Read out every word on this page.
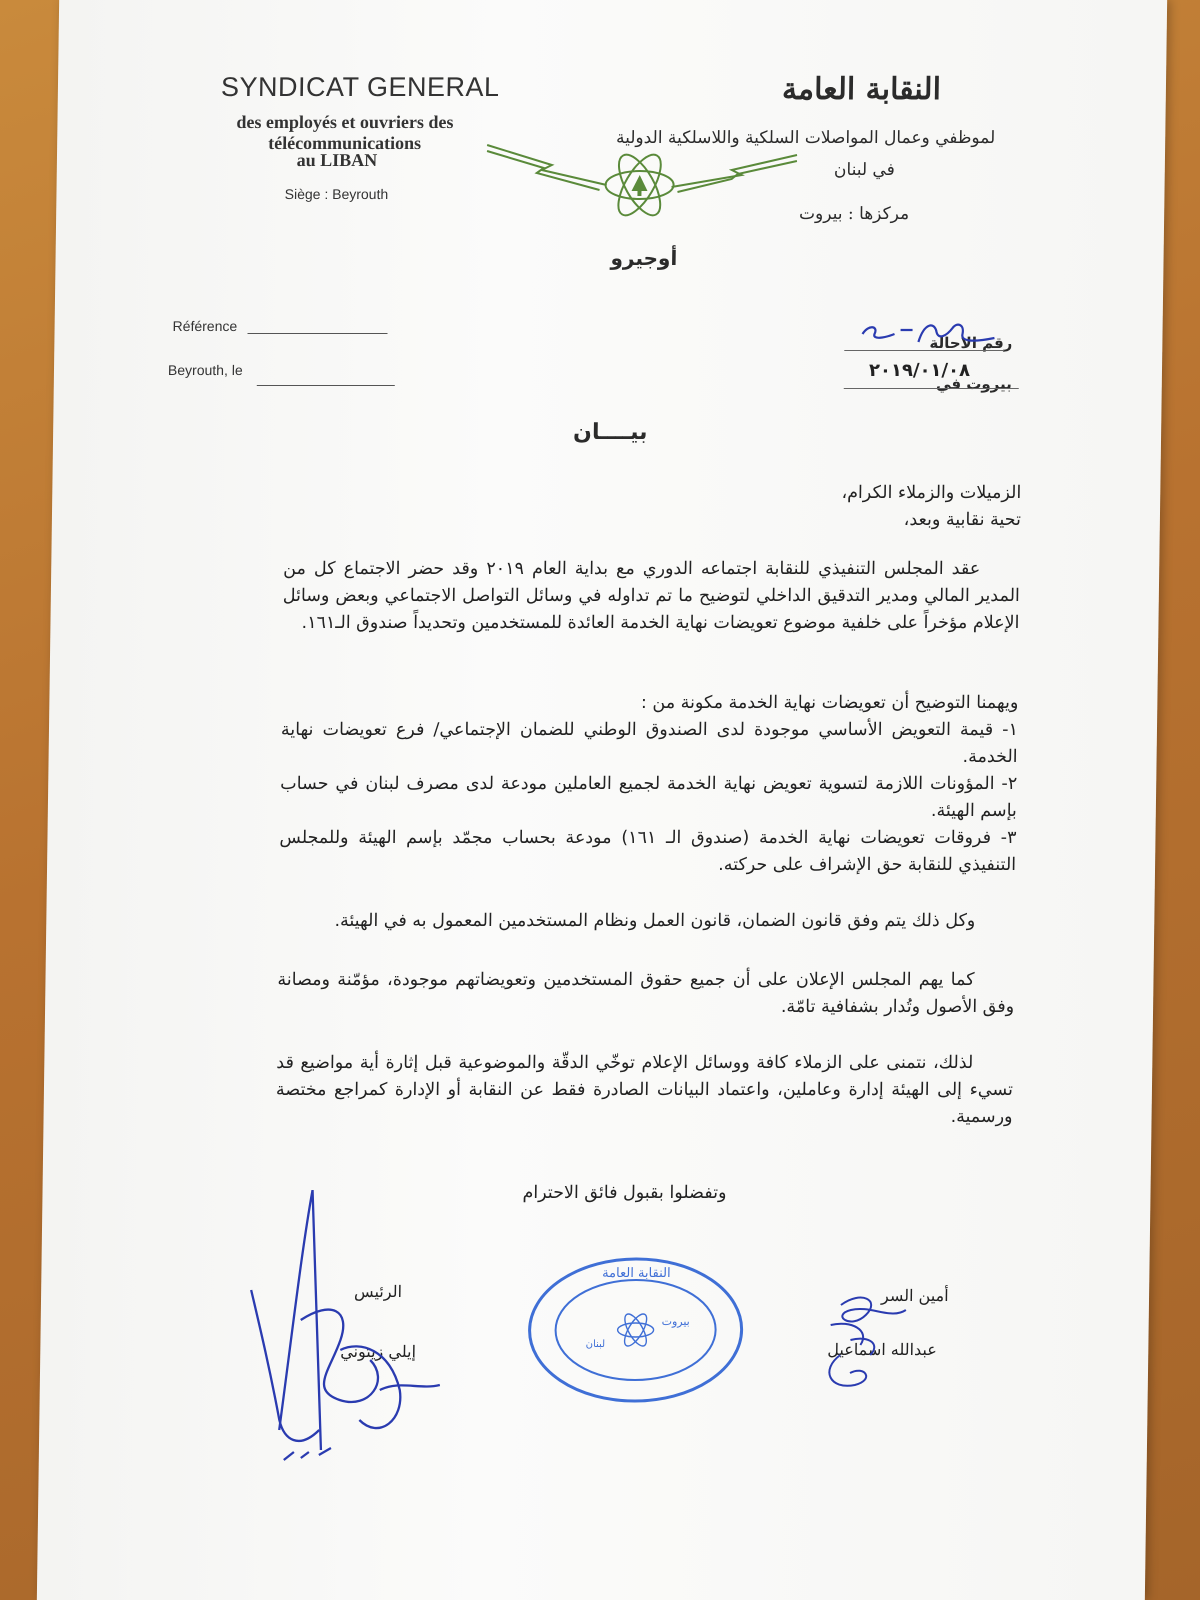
SYNDICAT GENERAL
des employés et ouvriers des télécommunications
au LIBAN
Siège : Beyrouth
النقابة العامة
لموظفي وعمال المواصلات السلكية واللاسلكية الدولية
في لبنان
مركزها : بيروت
أوجيرو
Référence
Beyrouth, le
رقم الاحالة
بيروت في
٢٠١٩/٠١/٠٨
بيــــان

الزميلات والزملاء الكرام،

تحية نقابية وبعد،

عقد المجلس التنفيذي للنقابة اجتماعه الدوري مع بداية العام ٢٠١٩ وقد حضر الاجتماع كل من المدير المالي ومدير التدقيق الداخلي لتوضيح ما تم تداوله في وسائل التواصل الاجتماعي وبعض وسائل الإعلام مؤخراً على خلفية موضوع تعويضات نهاية الخدمة العائدة للمستخدمين وتحديداً صندوق الـ١٦١.

ويهمنا التوضيح أن تعويضات نهاية الخدمة مكونة من :

١- قيمة التعويض الأساسي موجودة لدى الصندوق الوطني للضمان الإجتماعي/ فرع تعويضات نهاية الخدمة.

٢- المؤونات اللازمة لتسوية تعويض نهاية الخدمة لجميع العاملين مودعة لدى مصرف لبنان في حساب بإسم الهيئة.

٣- فروقات تعويضات نهاية الخدمة (صندوق الـ ١٦١) مودعة بحساب مجمّد بإسم الهيئة وللمجلس التنفيذي للنقابة حق الإشراف على حركته.

وكل ذلك يتم وفق قانون الضمان، قانون العمل ونظام المستخدمين المعمول به في الهيئة.

كما يهم المجلس الإعلان على أن جميع حقوق المستخدمين وتعويضاتهم موجودة، مؤمّنة ومصانة وفق الأصول وتُدار بشفافية تامّة.

لذلك، نتمنى على الزملاء كافة ووسائل الإعلام توخّي الدقّة والموضوعية قبل إثارة أية مواضيع قد تسيء إلى الهيئة إدارة وعاملين، واعتماد البيانات الصادرة فقط عن النقابة أو الإدارة كمراجع مختصة ورسمية.

وتفضلوا بقبول فائق الاحترام
الرئيس
إيلي زيتوني
النقابة العامة
بيروت
لبنان
أمين السر
عبدالله اسماعيل
